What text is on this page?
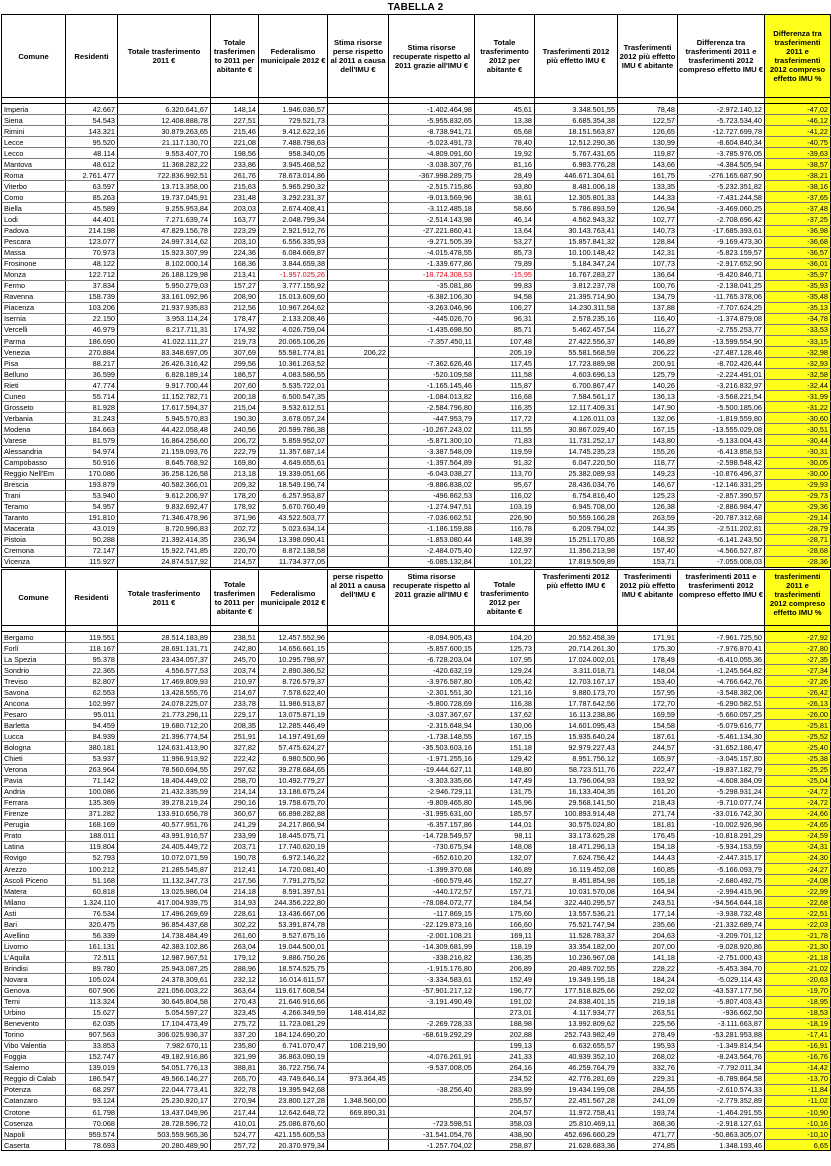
TABELLA 2
Comune	Residenti	Totale trasferimento 2011 €	Totale trasferimen to 2011 per abitante €	Federalismo municipale 2012 €	Stima risorse perse rispetto al 2011 a causa dell'IMU €	Stima risorse recuperate rispetto al 2011 grazie all'IMU €	Totale trasferimento 2012 per abitante €	Trasferimenti 2012 più effetto IMU €	Trasferimenti 2012 più effetto IMU € abitante	Differenza tra trasferimenti 2011 e trasferimenti 2012 compreso effetto IMU €	Differenza tra trasferimenti 2011 e trasferimenti 2012 compreso effetto IMU %

Imperia	42.667	6.320.641,67	148,14	1.946.036,57		-1.402.464,98	45,61	3.348.501,55	78,48	-2.972.140,12	-47,02
Siena	54.543	12.408.888,78	227,51	729.521,73		-5.955.832,65	13,38	6.685.354,38	122,57	-5.723.534,40	-46,12
Rimini	143.321	30.879.263,65	215,46	9.412.622,16		-8.738.941,71	65,68	18.151.563,87	126,65	-12.727.699,78	-41,22
Lecce	95.520	21.117.130,70	221,08	7.488.798,63		-5.023.491,73	78,40	12.512.290,36	130,99	-8.604.840,34	-40,75
Lecco	48.114	9.553.407,70	198,56	958.340,05		-4.809.091,60	19,92	5.767.431,65	119,87	-3.785.976,05	-39,63
Mantova	48.612	11.368.282,22	233,86	3.945.468,52		-3.038.307,76	81,16	6.983.776,28	143,66	-4.384.505,94	-38,57
Roma	2.761.477	722.836.992,51	261,76	78.673.014,86		-367.998.289,75	28,49	446.671.304,61	161,75	-276.165.687,90	-38,21
Viterbo	63.597	13.713.358,00	215,63	5.965.290,32		-2.515.715,86	93,80	8.481.006,18	133,35	-5.232.351,82	-38,16
Como	85.263	19.737.045,91	231,48	3.292.231,37		-9.013.569,96	38,61	12.305.801,33	144,33	-7.431.244,58	-37,65
Biella	45.589	9.255.953,84	203,03	2.674.408,41		-3.112.485,18	58,66	5.786.893,59	126,94	-3.469.060,25	-37,48
Lodi	44.401	7.271.639,74	163,77	2.048.799,34		-2.514.143,98	46,14	4.562.943,32	102,77	-2.708.696,42	-37,25
Padova	214.198	47.829.156,78	223,29	2.921.912,76		-27.221.860,41	13,64	30.143.763,41	140,73	-17.685.393,61	-36,98
Pescara	123.077	24.997.314,62	203,10	6.556.335,93		-9.271.505,39	53,27	15.857.841,32	128,84	-9.169.473,30	-36,68
Massa	70.973	15.923.307,99	224,36	6.084.669,87		-4.015.478,55	85,73	10.100.148,42	142,31	-5.823.159,57	-36,57
Frosinone	48.122	8.102.000,14	168,36	3.844.659,38		-1.339.677,86	79,89	5.184.347,24	107,73	-2.917.652,90	-36,01
Monza	122.712	26.188.129,98	213,41	-1.957.025,26		-18.724.308,53	-15,95	16.767.283,27	136,64	-9.420.846,71	-35,97
Fermo	37.834	5.950.279,03	157,27	3.777.155,92		-35.081,86	99,83	3.812.237,78	100,76	-2.138.041,25	-35,93
Ravenna	158.739	33.161.092,96	208,90	15.013.609,60		-6.382.106,30	94,58	21.395.714,90	134,79	-11.765.378,06	-35,48
Piacenza	103.206	21.937.935,83	212,56	10.967.264,62		-3.263.046,96	106,27	14.230.311,58	137,88	-7.707.624,25	-35,13
Isernia	22.150	3.953.114,24	178,47	2.133.208,46		-445.026,70	96,31	2.578.235,16	116,40	-1.374.879,08	-34,78
Vercelli	46.979	8.217.711,31	174,92	4.026.759,04		-1.435.698,50	85,71	5.462.457,54	116,27	-2.755.253,77	-33,53
Parma	186.690	41.022.111,27	219,73	20.065.106,26		-7.357.450,11	107,48	27.422.556,37	146,89	-13.599.554,90	-33,15
Venezia	270.884	83.348.697,05	307,69	55.581.774,81	206,22		205,19	55.581.568,59	206,22	-27.487.128,46	-32,98
Pisa	88.217	26.426.316,42	299,56	10.361.263,52		-7.362.626,46	117,45	17.723.889,98	200,91	-8.702.426,44	-32,93
Belluno	36.599	6.828.189,14	186,57	4.083.586,55		-520.109,58	111,58	4.603.696,13	125,79	-2.224.491,01	-32,58
Rieti	47.774	9.917.700,44	207,60	5.535.722,01		-1.165.145,46	115,87	6.700.867,47	140,26	-3.216.832,97	-32,44
Cuneo	55.714	11.152.782,71	200,18	6.500.547,35		-1.084.013,82	116,68	7.584.561,17	136,13	-3.568.221,54	-31,99
Grosseto	81.928	17.617.594,37	215,04	9.532.612,51		-2.584.796,80	116,35	12.117.409,31	147,90	-5.500.185,06	-31,22
Verbania	31.243	5.945.570,83	190,30	3.678.057,24		-447.953,79	117,72	4.126.011,03	132,06	-1.819.559,80	-30,60
Modena	184.663	44.422.058,48	240,56	20.599.786,38		-10.267.243,02	111,55	30.867.029,40	167,15	-13.555.029,08	-30,51
Varese	81.579	16.864.256,60	206,72	5.859.952,07		-5.871.300,10	71,83	11.731.252,17	143,80	-5.133.004,43	-30,44
Alessandria	94.974	21.159.093,76	222,79	11.357.687,14		-3.387.548,09	119,59	14.745.235,23	155,26	-6.413.858,53	-30,31
Campobasso	50.916	8.645.768,92	169,80	4.649.655,61		-1.397.564,89	91,32	6.047.220,50	118,77	-2.598.548,42	-30,05
Reggio Nell'Em	170.086	36.258.126,58	213,18	19.339.051,66		-6.043.038,27	113,70	25.382.089,93	149,23	-10.876.496,37	-30,00
Brescia	193.879	40.582.366,01	209,32	18.549.196,74		-9.886.838,02	95,67	28.436.034,76	146,67	-12.146.331,25	-29,93
Trani	53.940	9.612.206,97	178,20	6.257.953,87		-496.862,53	116,02	6.754.816,40	125,23	-2.857.390,57	-29,73
Teramo	54.957	9.832.692,47	178,92	5.670.760,49		-1.274.947,51	103,19	6.945.708,00	126,38	-2.886.984,47	-29,36
Taranto	191.810	71.346.478,96	371,96	43.522.503,77		-7.036.662,51	226,90	50.559.166,28	263,59	-20.787.312,68	-29,14
Macerata	43.019	8.720.996,83	202,72	5.023.634,14		-1.186.159,88	116,78	6.209.794,02	144,35	-2.511.202,81	-28,79
Pistoia	90.288	21.392.414,35	236,94	13.398.090,41		-1.853.080,44	148,39	15.251.170,85	168,92	-6.141.243,50	-28,71
Cremona	72.147	15.922.741,85	220,70	8.872.138,58		-2.484.075,40	122,97	11.356.213,98	157,40	-4.566.527,87	-28,68
Vicenza	115.927	24.874.517,92	214,57	11.734.377,05		-6.085.132,84	101,22	17.819.509,89	153,71	-7.055.008,03	-28,36
Comune	Residenti	Totale trasferimento 2011 €	Totale trasferimen to 2011 per abitante €	Federalismo municipale 2012 €	perse rispetto al 2011 a causa dell'IMU €	Stima risorse recuperate rispetto al 2011 grazie all'IMU €	Totale trasferimento 2012 per abitante €	Trasferimenti 2012 più effetto IMU €	Trasferimenti 2012 più effetto IMU € abitante	trasferimenti 2011 e trasferimenti 2012 compreso effetto IMU €	trasferimenti 2011 e trasferimenti 2012 compreso effetto IMU %

Bergamo	119.551	28.514.183,89	238,51	12.457.552,96		-8.094.905,43	104,20	20.552.458,39	171,91	-7.961.725,50	-27,92
Forlì	118.167	28.691.131,71	242,80	14.656.661,15		-5.857.600,15	125,73	20.714.261,30	175,30	-7.976.870,41	-27,80
La Spezia	95.378	23.434.057,37	245,70	10.295.798,97		-6.728.203,04	107,95	17.024.002,01	178,49	-6.410.055,36	-27,35
Sondrio	22.365	4.556.577,53	203,74	2.890.386,52		-420.632,19	129,24	3.311.018,71	148,04	-1.245.564,82	-27,34
Treviso	82.807	17.469.809,93	210,97	8.726.579,37		-3.976.587,80	105,42	12.703.167,17	153,40	-4.766.642,76	-27,26
Savona	62.553	13.428.555,76	214,67	7.578.622,40		-2.301.551,30	121,16	9.880.173,70	157,95	-3.548.382,06	-26,42
Ancona	102.997	24.078.225,07	233,78	11.986.913,87		-5.800.728,69	116,38	17.787.642,56	172,70	-6.290.582,51	-26,13
Pesaro	95.011	21.773.296,11	229,17	13.075.871,19		-3.037.367,67	137,62	16.113.238,86	169,59	-5.660.057,25	-26,00
Barletta	94.459	19.680.712,20	208,35	12.285.446,49		-2.315.648,94	130,06	14.601.095,43	154,58	-5.079.616,77	-25,81
Lucca	84.939	21.396.774,54	251,91	14.197.491,69		-1.738.148,55	167,15	15.935.640,24	187,61	-5.461.134,30	-25,52
Bologna	380.181	124.631.413,90	327,82	57.475.624,27		-35.503.603,16	151,18	92.979.227,43	244,57	-31.652.186,47	-25,40
Chieti	53.937	11.996.913,92	222,42	6.980.500,96		-1.971.255,16	129,42	8.951.756,12	165,97	-3.045.157,80	-25,38
Verona	263.964	78.560.694,55	297,62	39.278.684,65		-19.444.627,11	148,80	58.723.511,76	222,47	-19.837.182,79	-25,25
Pavia	71.142	18.404.449,02	258,70	10.492.779,27		-3.303.335,66	147,49	13.796.064,93	193,92	-4.608.384,09	-25,04
Andria	100.086	21.432.335,59	214,14	13.186.675,24		-2.946.729,11	131,75	16.133.404,35	161,20	-5.298.931,24	-24,72
Ferrara	135.369	39.278.219,24	290,16	19.758.675,70		-9.809.465,80	145,96	29.568.141,50	218,43	-9.710.077,74	-24,72
Firenze	371.282	133.910.656,78	360,67	66.898.282,88		-31.995.631,60	185,57	100.893.914,48	271,74	-33.016.742,30	-24,66
Perugia	168.169	40.577.951,76	241,29	24.217.866,94		-6.357.157,86	144,01	30.575.024,80	181,81	-10.002.926,96	-24,65
Prato	188.011	43.991.916,57	233,99	18.445.075,71		-14.728.549,57	98,11	33.173.625,28	176,45	-10.818.291,29	-24,59
Latina	119.804	24.405.449,72	203,71	17.740.620,19		-730.675,94	148,08	18.471.296,13	154,18	-5.934.153,59	-24,31
Rovigo	52.793	10.072.071,59	190,78	6.972.146,22		-652.610,20	132,07	7.624.756,42	144,43	-2.447.315,17	-24,30
Arezzo	100.212	21.285.545,87	212,41	14.720.081,40		-1.399.370,68	146,89	16.119.452,08	160,85	-5.166.093,79	-24,27
Ascoli Piceno	51.168	11.132.347,73	217,56	7.791.275,52		-660.579,46	152,27	8.451.854,98	165,18	-2.680.492,75	-24,08
Matera	60.818	13.025.986,04	214,18	8.591.397,51		-440.172,57	157,71	10.031.570,08	164,94	-2.994.415,96	-22,99
Milano	1.324.110	417.004.939,75	314,93	244.356.222,80		-78.084.072,77	184,54	322.440.295,57	243,51	-94.564.644,18	-22,68
Asti	76.534	17.496.269,69	228,61	13.436.667,06		-117.869,15	175,60	13.557.536,21	177,14	-3.938.732,48	-22,51
Bari	320.475	96.854.437,68	302,22	53.391.874,78		-22.129.873,16	166,60	75.521.747,94	235,66	-21.332.689,74	-22,03
Avellino	56.339	14.738.484,49	261,60	9.527.675,16		-2.001.108,21	169,11	11.528.783,37	204,63	-3.209.701,12	-21,78
Livorno	161.131	42.383.102,86	263,04	19.044.500,01		-14.309.681,99	118,19	33.354.182,00	207,00	-9.028.920,86	-21,30
L'Aquila	72.511	12.987.967,51	179,12	9.886.750,26		-338.216,82	136,35	10.236.967,08	141,18	-2.751.000,43	-21,18
Brindisi	89.780	25.943.087,25	288,96	18.574.525,75		-1.915.176,80	206,89	20.489.702,55	228,22	-5.453.384,70	-21,02
Novara	105.024	24.378.309,61	232,12	16.014.611,57		-3.334.583,61	152,49	19.349.195,18	184,24	-5.029.114,43	-20,63
Genova	607.906	221.056.003,22	363,64	119.617.608,54		-57.901.217,12	196,77	177.518.825,66	292,02	-43.537.177,56	-19,70
Terni	113.324	30.645.804,58	270,43	21.646.916,66		-3.191.490,49	191,02	24.838.401,15	219,18	-5.807.403,43	-18,95
Urbino	15.627	5.054.597,27	323,45	4.266.349,59	148.414,82		273,01	4.117.934,77	263,51	-936.662,50	-18,53
Benevento	62.035	17.104.473,49	275,72	11.723.081,29		-2.269.728,33	188,98	13.992.809,62	225,56	-3.111.663,87	-18,19
Torino	907.563	306.025.936,37	337,20	184.124.690,20		-68.619.292,29	202,88	252.743.982,49	278,49	-53.281.953,88	-17,41
Vibo Valentia	33.853	7.982.670,11	235,80	6.741.070,47	108.219,90		199,13	6.632.655,57	195,93	-1.349.814,54	-16,91
Foggia	152.747	49.182.916,86	321,99	36.863.090,19		-4.076.261,91	241,33	40.939.352,10	268,02	-8.243.564,76	-16,76
Salerno	139.019	54.051.776,13	388,81	36.722.756,74		-9.537.008,05	264,16	46.259.764,79	332,76	-7.792.011,34	-14,42
Reggio di Calab	186.547	49.566.146,27	265,70	43.749.646,14	973.364,45		234,52	42.776.281,69	229,31	-6.789.864,58	-13,70
Potenza	68.297	22.044.773,41	322,78	19.395.942,68		-38.256,40	283,99	19.434.199,08	284,55	-2.610.574,33	-11,84
Catanzaro	93.124	25.230.920,17	270,94	23.800.127,28	1.348.560,00		255,57	22.451.567,28	241,09	-2.779.352,89	-11,02
Crotone	61.798	13.437.049,96	217,44	12.642.648,72	669.890,31		204,57	11.972.758,41	193,74	-1.464.291,55	-10,90
Cosenza	70.068	28.728.596,72	410,01	25.086.876,60		-723.598,51	358,03	25.810.469,11	368,36	-2.918.127,61	-10,16
Napoli	959.574	503.559.965,36	524,77	421.155.605,53		-31.541.054,76	438,90	452.696.660,29	471,77	-50.863.305,07	-10,10
Caserta	78.693	20.280.489,90	257,72	20.370.979,34		-1.257.704,02	258,87	21.628.683,36	274,85	1.348.193,46	6,65
